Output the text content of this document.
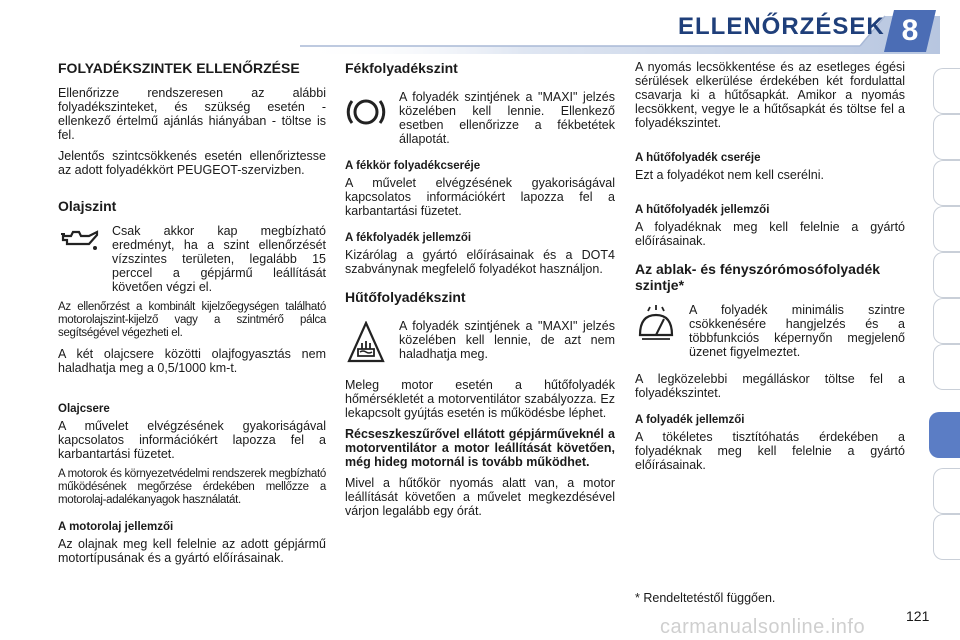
ELLENŐRZÉSEK 8
FOLYADÉKSZINTEK ELLENŐRZÉSE

Ellenőrizze rendszeresen az alábbi folyadékszinteket, és szükség esetén - ellenkező értelmű ajánlás hiányában - töltse is fel.

Jelentős szintcsökkenés esetén ellenőriztesse az adott folyadékkört PEUGEOT-szervizben.

Olajszint
Csak akkor kap megbízható eredményt, ha a szint ellenőrzését vízszintes területen, legalább 15 perccel a gépjármű leállítását követően végzi el.

Az ellenőrzést a kombinált kijelzőegységen található motorolajszint-kijelző vagy a szintmérő pálca segítségével végezheti el.

A két olajcsere közötti olajfogyasztás nem haladhatja meg a 0,5/1000 km-t.

Olajcsere

A művelet elvégzésének gyakoriságával kapcsolatos információkért lapozza fel a karbantartási füzetet.

A motorok és környezetvédelmi rendszerek megbízható működésének megőrzése érdekében mellőzze a motorolaj-adalékanyagok használatát.

A motorolaj jellemzői

Az olajnak meg kell felelnie az adott gépjármű motortípusának és a gyártó előírásainak.

Fékfolyadékszint
A folyadék szintjének a "MAXI" jelzés közelében kell lennie. Ellenkező esetben ellenőrizze a fékbetétek állapotát.
A fékkör folyadékcseréje

A művelet elvégzésének gyakoriságával kapcsolatos információkért lapozza fel a karbantartási füzetet.

A fékfolyadék jellemzői

Kizárólag a gyártó előírásainak és a DOT4 szabványnak megfelelő folyadékot használjon.

Hűtőfolyadékszint
A folyadék szintjének a "MAXI" jelzés közelében kell lennie, de azt nem haladhatja meg.

Meleg motor esetén a hűtőfolyadék hőmérsékletét a motorventilátor szabályozza. Ez lekapcsolt gyújtás esetén is működésbe léphet.

Récseszkeszűrővel ellátott gépjárműveknél a motorventilátor a motor leállítását követően, még hideg motornál is tovább működhet.

Mivel a hűtőkör nyomás alatt van, a motor leállítását követően a művelet megkezdésével várjon legalább egy órát.

A nyomás lecsökkentése és az esetleges égési sérülések elkerülése érdekében két fordulattal csavarja ki a hűtősapkát. Amikor a nyomás lecsökkent, vegye le a hűtősapkát és töltse fel a folyadékszintet.

A hűtőfolyadék cseréje

Ezt a folyadékot nem kell cserélni.

A hűtőfolyadék jellemzői

A folyadéknak meg kell felelnie a gyártó előírásainak.

Az ablak- és fényszórómosófolyadék szintje*
A folyadék minimális szintre csökkenésére hangjelzés és a többfunkciós képernyőn megjelenő üzenet figyelmeztet.

A legközelebbi megálláskor töltse fel a folyadékszintet.

A folyadék jellemzői

A tökéletes tisztítóhatás érdekében a folyadéknak meg kell felelnie a gyártó előírásainak.

* Rendeltetéstől függően.
carmanualsonline.info	121
